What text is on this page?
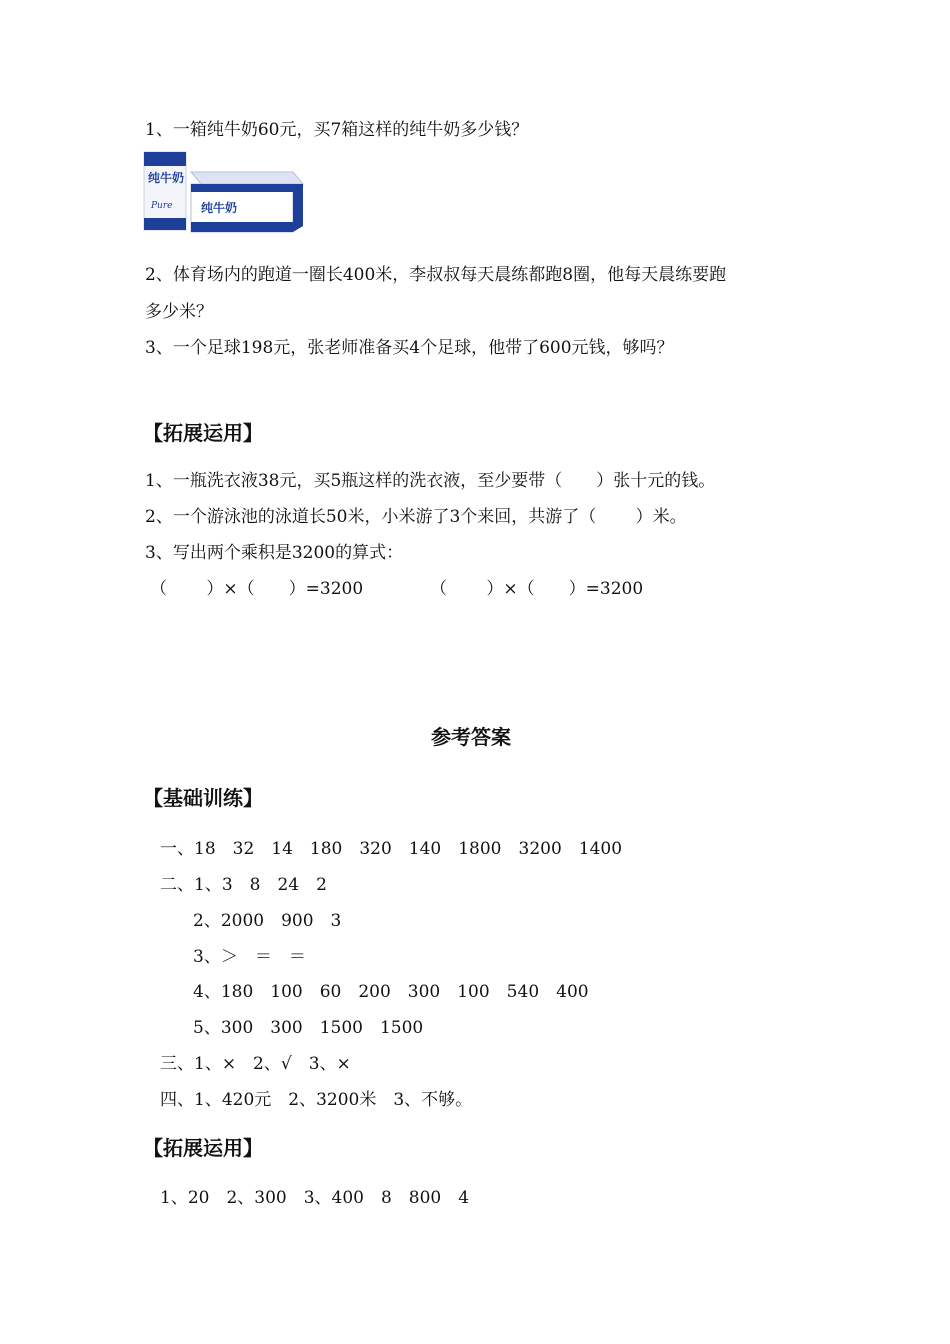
1、一箱纯牛奶60元，买7箱这样的纯牛奶多少钱？
纯牛奶
Pure 纯牛奶
2、体育场内的跑道一圈长400米，李叔叔每天晨练都跑8圈，他每天晨练要跑
多少米？
3、一个足球198元，张老师准备买4个足球，他带了600元钱，够吗？
【拓展运用】
1、一瓶洗衣液38元，买5瓶这样的洗衣液，至少要带（　　）张十元的钱。
2、一个游泳池的泳道长50米，小米游了3个来回，共游了（　　 ）米。
3、写出两个乘积是3200的算式：
（　　 ）×（　　）=3200	（　　 ）×（　　）=3200
参考答案
【基础训练】
一、18　32　14　180　320　140　1800　3200　1400
二、1、3　8　24　2
2、2000　900　3
3、＞　＝　＝
4、180　100　60　200　300　100　540　400
5、300　300　1500　1500
三、1、×　2、√　3、×
四、1、420元　2、3200米　3、不够。
【拓展运用】
1、20　2、300　3、400　8　800　4
